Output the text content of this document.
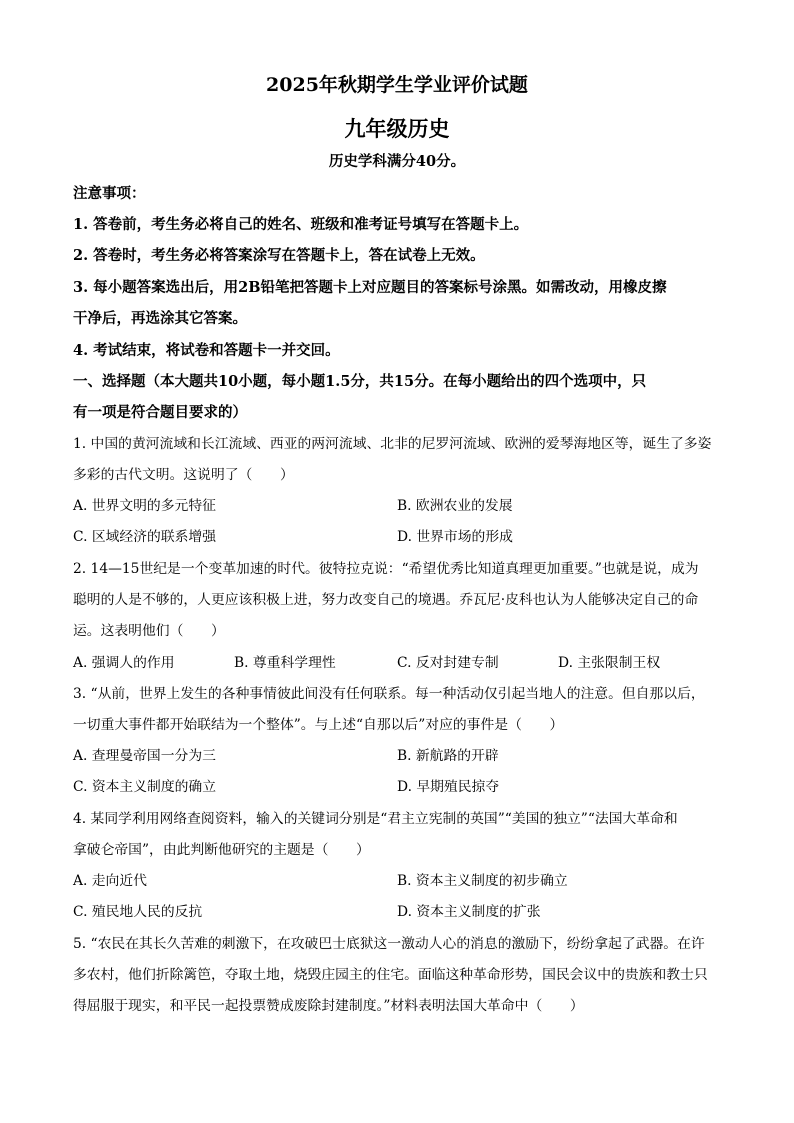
2025年秋期学生学业评价试题
九年级历史
历史学科满分40分。
注意事项：
1. 答卷前，考生务必将自己的姓名、班级和准考证号填写在答题卡上。
2. 答卷时，考生务必将答案涂写在答题卡上，答在试卷上无效。
3. 每小题答案选出后，用2B铅笔把答题卡上对应题目的答案标号涂黑。如需改动，用橡皮擦
干净后，再选涂其它答案。
4. 考试结束，将试卷和答题卡一并交回。
一、选择题（本大题共10小题，每小题1.5分，共15分。在每小题给出的四个选项中，只
有一项是符合题目要求的）
1. 中国的黄河流域和长江流域、西亚的两河流域、北非的尼罗河流域、欧洲的爱琴海地区等，诞生了多姿
多彩的古代文明。这说明了（　　）
A. 世界文明的多元特征	B. 欧洲农业的发展
C. 区域经济的联系增强	D. 世界市场的形成
2. 14—15世纪是一个变革加速的时代。彼特拉克说：“希望优秀比知道真理更加重要。”也就是说，成为
聪明的人是不够的，人更应该积极上进，努力改变自己的境遇。乔瓦尼·皮科也认为人能够决定自己的命
运。这表明他们（　　）
A. 强调人的作用	B. 尊重科学理性	C. 反对封建专制	D. 主张限制王权
3. “从前，世界上发生的各种事情彼此间没有任何联系。每一种活动仅引起当地人的注意。但自那以后，
一切重大事件都开始联结为一个整体”。与上述“自那以后”对应的事件是（　　）
A. 查理曼帝国一分为三	B. 新航路的开辟
C. 资本主义制度的确立	D. 早期殖民掠夺
4. 某同学利用网络查阅资料，输入的关键词分别是“君主立宪制的英国”“美国的独立”“法国大革命和
拿破仑帝国”，由此判断他研究的主题是（　　）
A. 走向近代	B. 资本主义制度的初步确立
C. 殖民地人民的反抗	D. 资本主义制度的扩张
5. “农民在其长久苦难的刺激下，在攻破巴士底狱这一激动人心的消息的激励下，纷纷拿起了武器。在许
多农村，他们折除篱笆，夺取土地，烧毁庄园主的住宅。面临这种革命形势，国民会议中的贵族和教士只
得屈服于现实，和平民一起投票赞成废除封建制度。”材料表明法国大革命中（　　）
